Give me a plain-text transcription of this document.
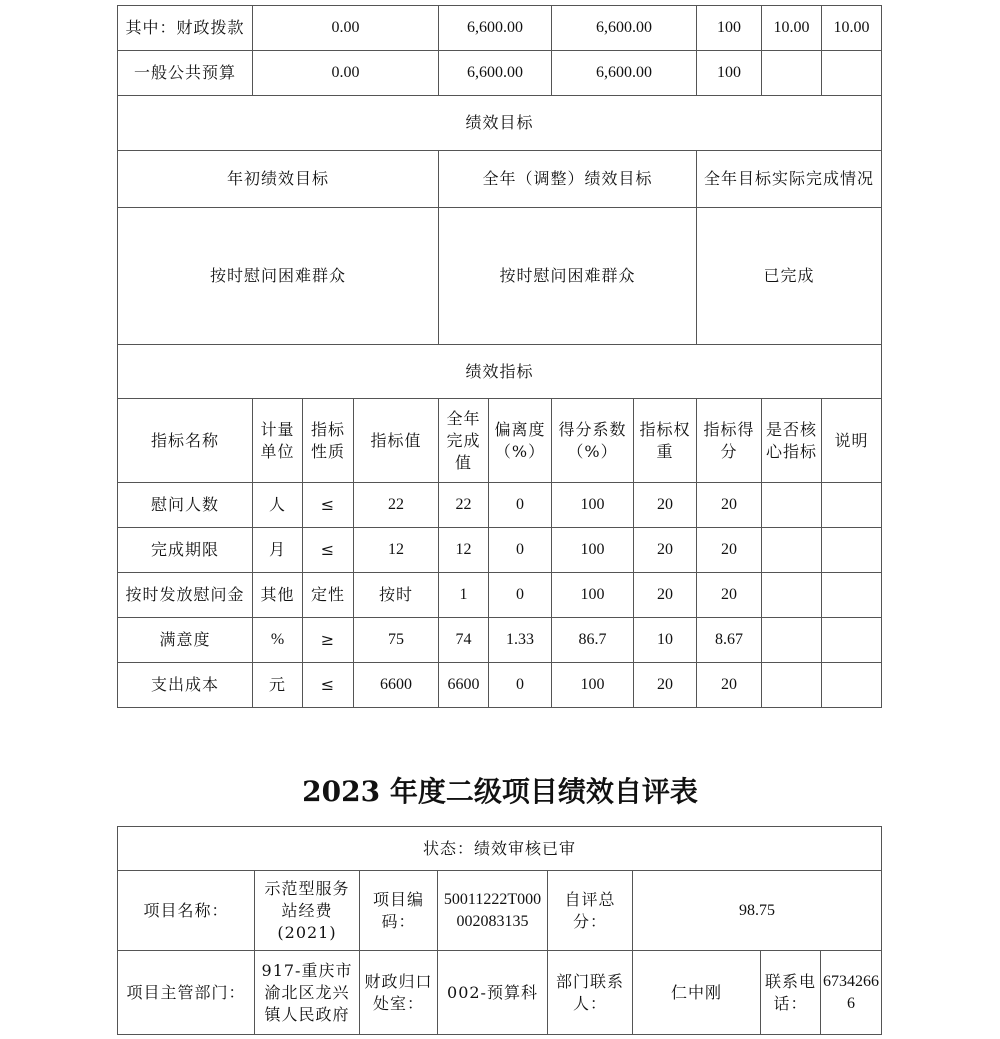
其中：财政拨款	0.00			6,600.00		6,600.00		100	10.00	10.00
一般公共预算	0.00			6,600.00		6,600.00		100		
绩效目标										
年初绩效目标				全年（调整）绩效目标				全年目标实际完成情况		
按时慰问困难群众				按时慰问困难群众				已完成		
绩效指标										
指标名称	计量单位	指标性质	指标值	全年完成值	偏离度（%）	得分系数（%）	指标权重	指标得分	是否核心指标	说明
慰问人数	人	≤	22	22	0	100	20	20		
完成期限	月	≤	12	12	0	100	20	20		
按时发放慰问金	其他	定性	按时	1	0	100	20	20		
满意度	%	≥	75	74	1.33	86.7	10	8.67		
支出成本	元	≤	6600	6600	0	100	20	20		
2023 年度二级项目绩效自评表
状态：绩效审核已审							
项目名称：	示范型服务站经费(2021)	项目编码：	50011222T000002083135	自评总分：	98.75		
项目主管部门：	917-重庆市渝北区龙兴镇人民政府	财政归口处室：	002-预算科	部门联系人：	仁中刚	联系电话：	67342666
